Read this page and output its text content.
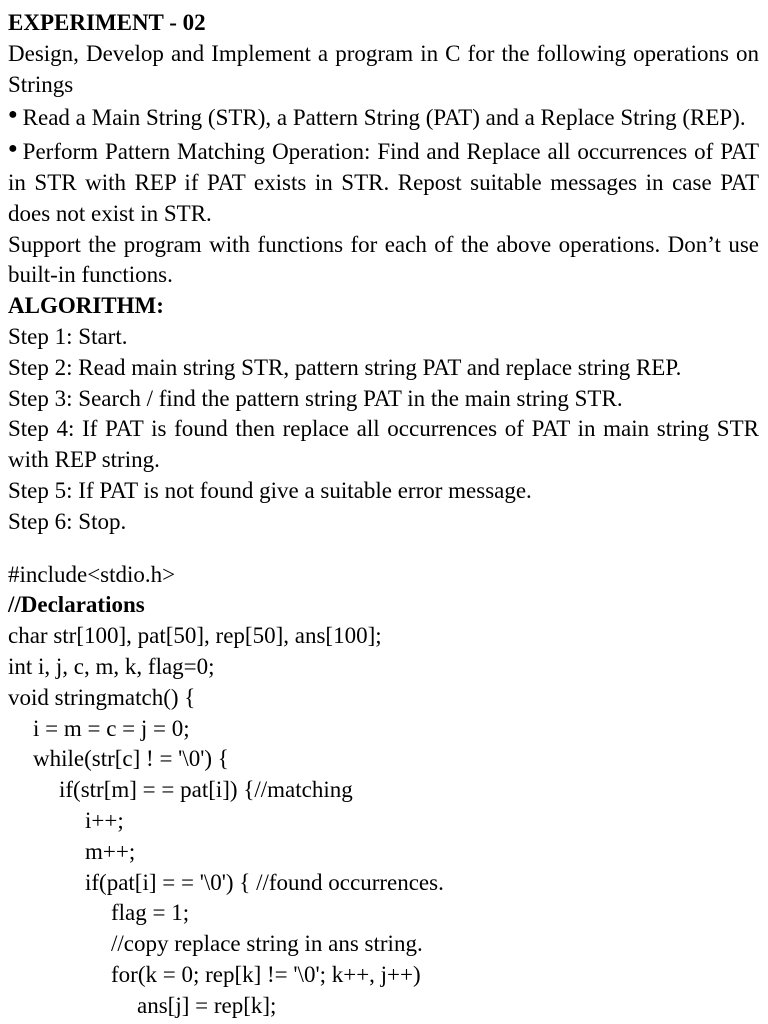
EXPERIMENT - 02
Design, Develop and Implement a program in C for the following operations on Strings
● Read a Main String (STR), a Pattern String (PAT) and a Replace String (REP).
● Perform Pattern Matching Operation: Find and Replace all occurrences of PAT in STR with REP if PAT exists in STR. Repost suitable messages in case PAT does not exist in STR.
Support the program with functions for each of the above operations. Don’t use built-in functions.
ALGORITHM:
Step 1: Start.
Step 2: Read main string STR, pattern string PAT and replace string REP.
Step 3: Search / find the pattern string PAT in the main string STR.
Step 4: If PAT is found then replace all occurrences of PAT in main string STR with REP string.
Step 5: If PAT is not found give a suitable error message.
Step 6: Stop.
#include<stdio.h>
//Declarations
char str[100], pat[50], rep[50], ans[100];
int i, j, c, m, k, flag=0;
void stringmatch() {
i = m = c = j = 0;
while(str[c] ! = '\0') {
if(str[m] = = pat[i]) {//matching
i++;
m++;
if(pat[i] = = '\0') { //found occurrences.
flag = 1;
//copy replace string in ans string.
for(k = 0; rep[k] != '\0'; k++, j++)
ans[j] = rep[k];
